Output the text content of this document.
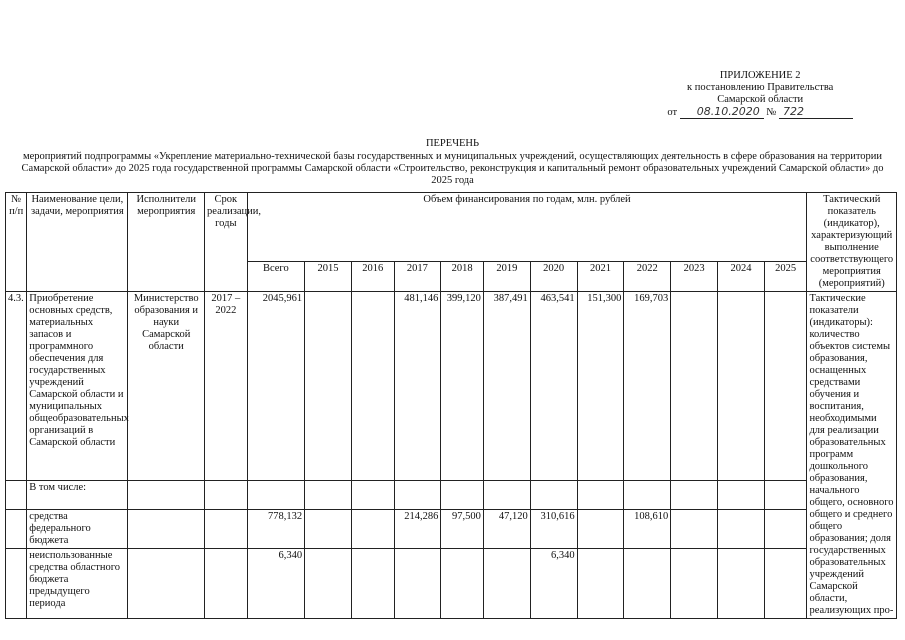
ПРИЛОЖЕНИЕ 2
к постановлению Правительства
Самарской области
от 08.10.2020 № 722
ПЕРЕЧЕНЬ
мероприятий подпрограммы «Укрепление материально-технической базы государственных и муниципальных учреждений, осуществляющих деятельность в сфере образования на территории Самарской области» до 2025 года государственной программы Самарской области «Строительство, реконструкция и капитальный ремонт образовательных учреждений Самарской области» до 2025 года
№ п/п	Наименование цели, задачи, мероприятия	Исполнители мероприятия	Срок реализации, годы	Объем финансирования по годам, млн. рублей												Тактический показатель (индикатор), характеризующий выполнение соответствующего мероприятия (мероприятий)
				Всего	2015	2016	2017	2018	2019	2020	2021	2022	2023	2024	2025	
4.3.	Приобретение основных средств, материальных запасов и программного обеспечения для государственных учреждений Самарской области и муниципальных общеобразовательных организаций в Самарской области	Министерство образования и науки Самарской области	2017 – 2022	2045,961			481,146	399,120	387,491	463,541	151,300	169,703				Тактические показатели (индикаторы): количество объектов системы образования, оснащенных средствами обучения и воспитания, необходимыми для реализации образовательных программ дошкольного образования, начального общего, основного общего и среднего общего образования; доля государственных образовательных учреждений Самарской области, реализующих про-
	В том числе:															
	средства федерального бюджета			778,132			214,286	97,500	47,120	310,616		108,610				
	неиспользованные средства областного бюджета предыдущего периода			6,340						6,340						
